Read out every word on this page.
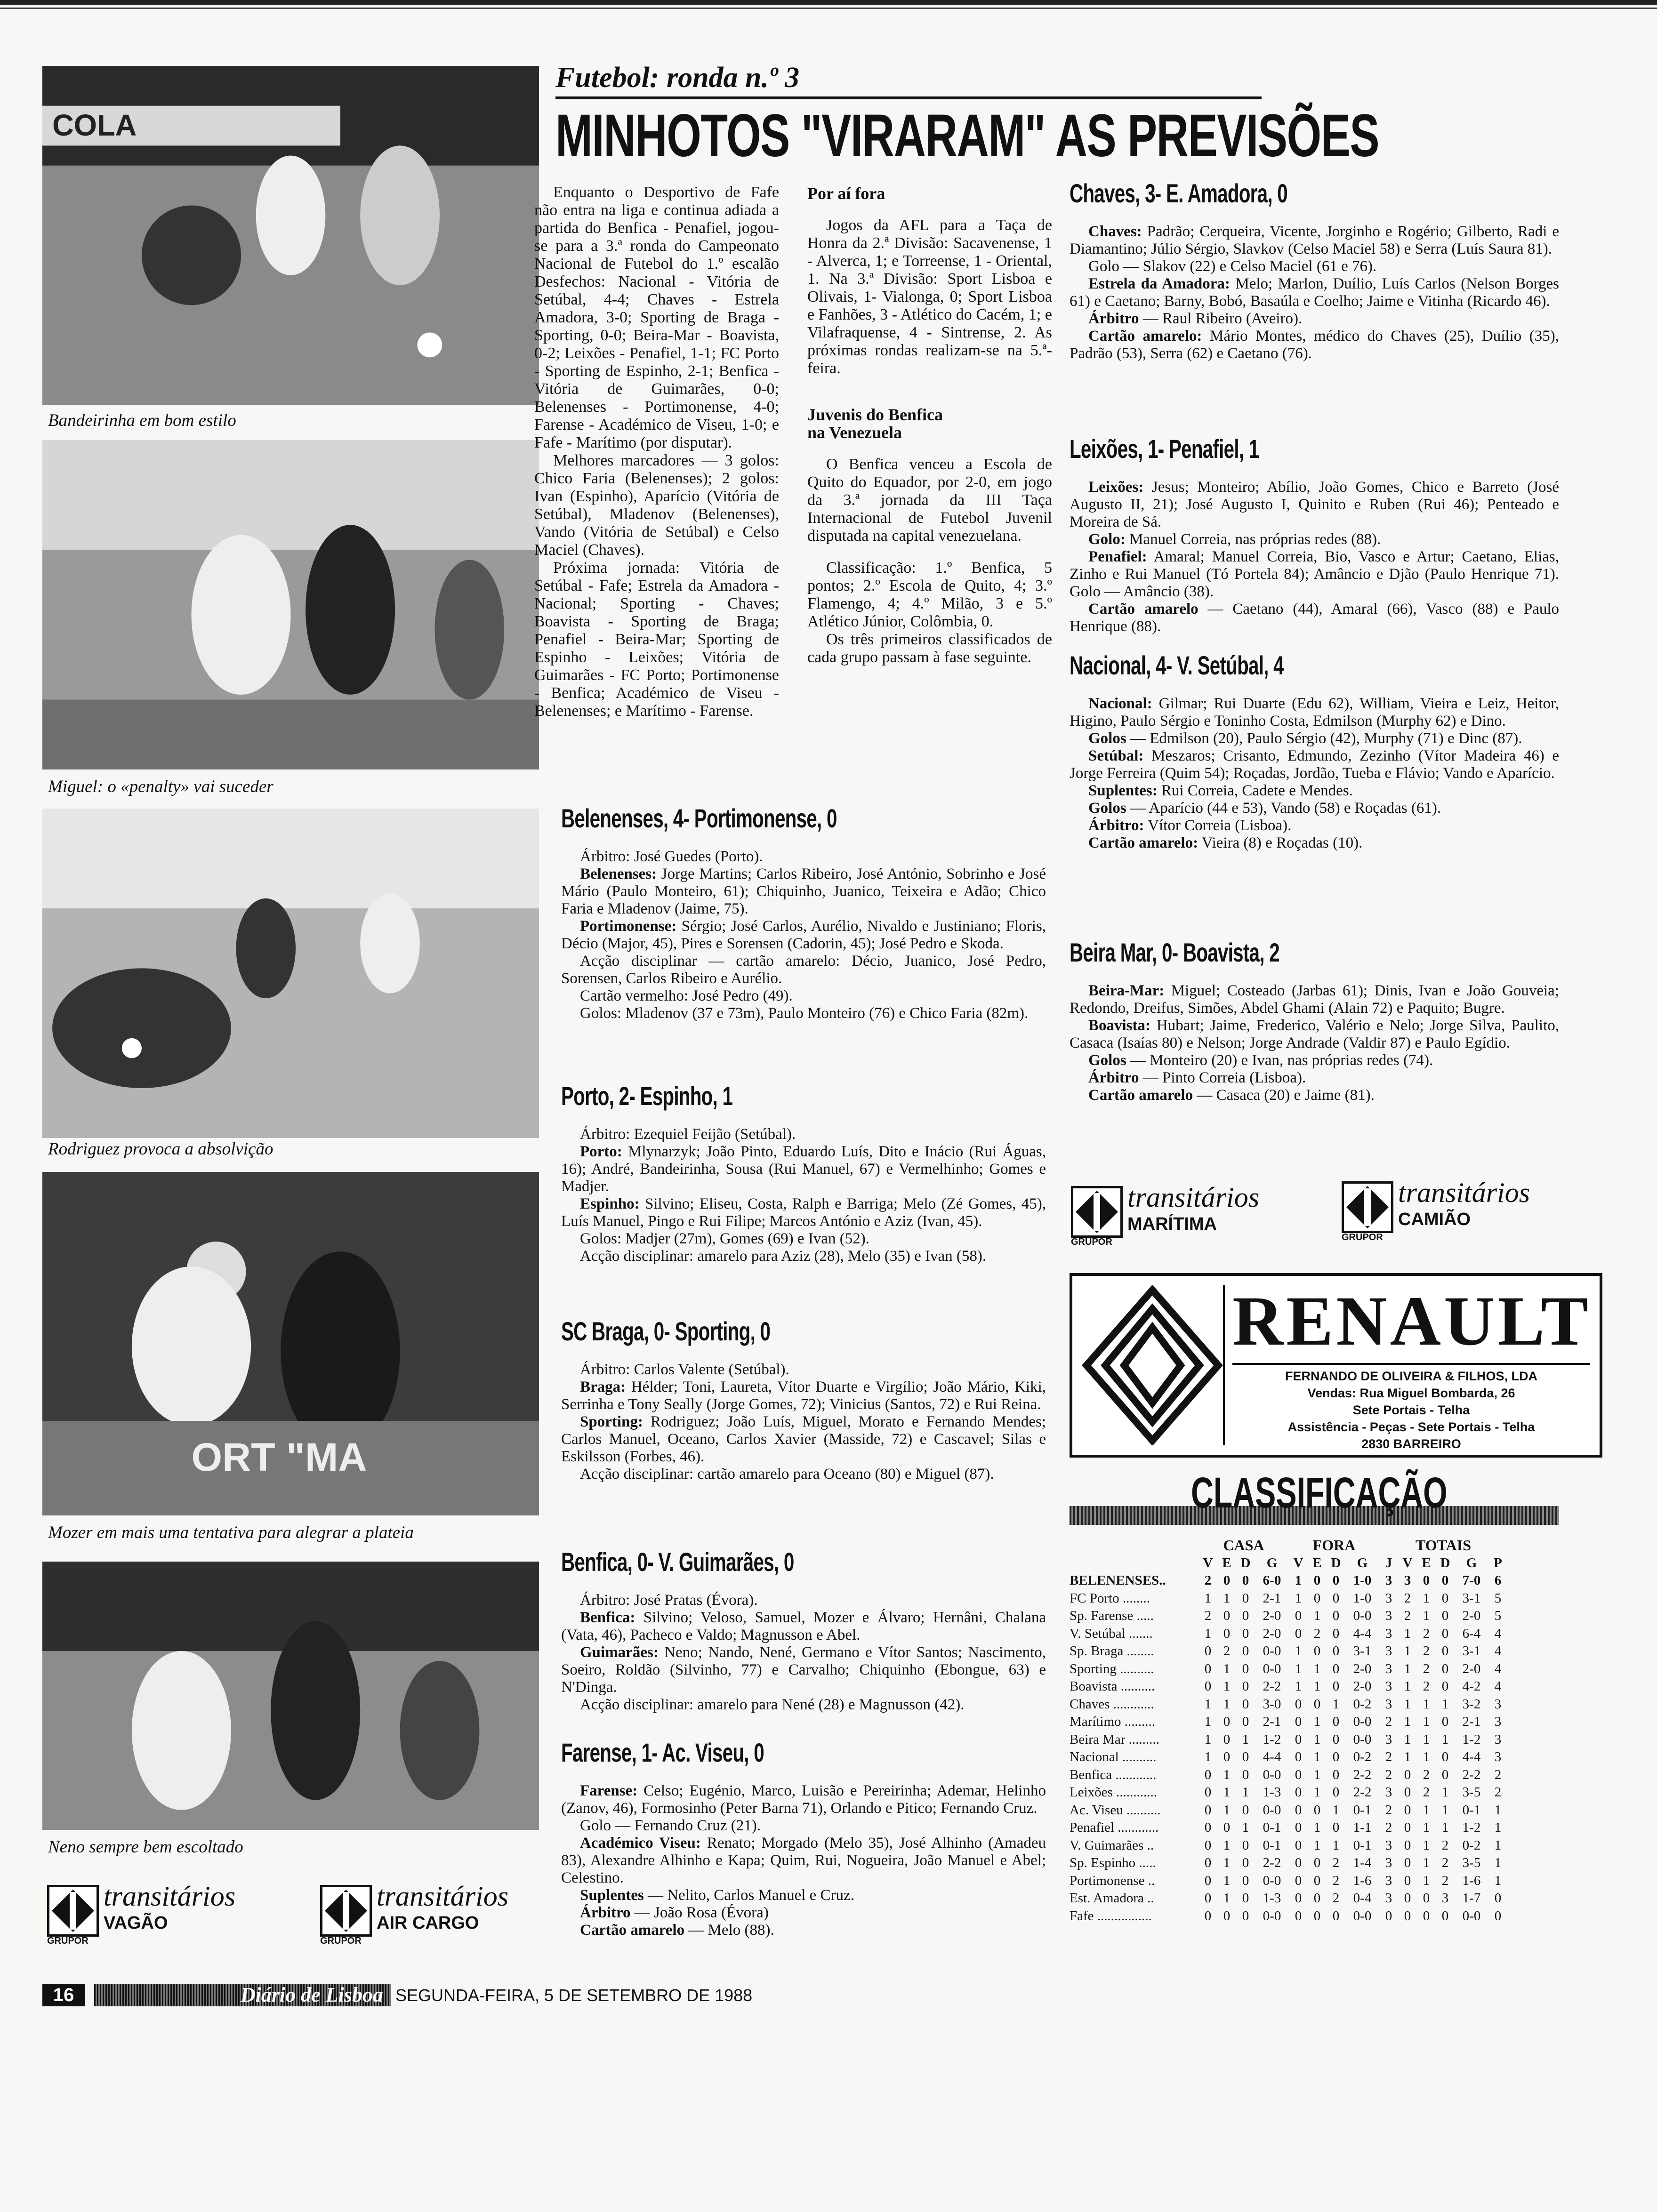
COLA
Bandeirinha em bom estilo
Miguel: o «penalty» vai suceder
Rodriguez provoca a absolvição
ORT "MA
Mozer em mais uma tentativa para alegrar a plateia
Neno sempre bem escoltado
transitários
VAGÃO
GRUPOR
transitários
AIR CARGO
GRUPOR
Futebol: ronda n.º 3
MINHOTOS "VIRARAM" AS PREVISÕES

Enquanto o Desportivo de Fafe não entra na liga e continua adiada a partida do Benfica - Penafiel, jogou-se para a 3.ª ronda do Campeonato Nacional de Futebol do 1.º escalão Desfechos: Nacional - Vitória de Setúbal, 4-4; Chaves - Estrela Amadora, 3-0; Sporting de Braga - Sporting, 0-0; Beira-Mar - Boavista, 0-2; Leixões - Penafiel, 1-1; FC Porto - Sporting de Espinho, 2-1; Benfica - Vitória de Guimarães, 0-0; Belenenses - Portimonense, 4-0; Farense - Académico de Viseu, 1-0; e Fafe - Marítimo (por disputar).

Melhores marcadores — 3 golos: Chico Faria (Belenenses); 2 golos: Ivan (Espinho), Aparício (Vitória de Setúbal), Mladenov (Belenenses), Vando (Vitória de Setúbal) e Celso Maciel (Chaves).

Próxima jornada: Vitória de Setúbal - Fafe; Estrela da Amadora - Nacional; Sporting - Chaves; Boavista - Sporting de Braga; Penafiel - Beira-Mar; Sporting de Espinho - Leixões; Vitória de Guimarães - FC Porto; Portimonense - Benfica; Académico de Viseu - Belenenses; e Marítimo - Farense.

Por aí fora

Jogos da AFL para a Taça de Honra da 2.ª Divisão: Sacavenense, 1 - Alverca, 1; e Torreense, 1 - Oriental, 1. Na 3.ª Divisão: Sport Lisboa e Olivais, 1- Vialonga, 0; Sport Lisboa e Fanhões, 3 - Atlético do Cacém, 1; e Vilafraquense, 4 - Sintrense, 2. As próximas rondas realizam-se na 5.ª-feira.

Juvenis do Benfica na Venezuela

O Benfica venceu a Escola de Quito do Equador, por 2-0, em jogo da 3.ª jornada da III Taça Internacional de Futebol Juvenil disputada na capital venezuelana.

Classificação: 1.º Benfica, 5 pontos; 2.º Escola de Quito, 4; 3.º Flamengo, 4; 4.º Milão, 3 e 5.º Atlético Júnior, Colômbia, 0.

Os três primeiros classificados de cada grupo passam à fase seguinte.

Belenenses, 4- Portimonense, 0

Árbitro: José Guedes (Porto).

Belenenses: Jorge Martins; Carlos Ribeiro, José António, Sobrinho e José Mário (Paulo Monteiro, 61); Chiquinho, Juanico, Teixeira e Adão; Chico Faria e Mladenov (Jaime, 75).

Portimonense: Sérgio; José Carlos, Aurélio, Nivaldo e Justiniano; Floris, Décio (Major, 45), Pires e Sorensen (Cadorin, 45); José Pedro e Skoda.

Acção disciplinar — cartão amarelo: Décio, Juanico, José Pedro, Sorensen, Carlos Ribeiro e Aurélio.

Cartão vermelho: José Pedro (49).

Golos: Mladenov (37 e 73m), Paulo Monteiro (76) e Chico Faria (82m).

Porto, 2- Espinho, 1

Árbitro: Ezequiel Feijão (Setúbal).

Porto: Mlynarzyk; João Pinto, Eduardo Luís, Dito e Inácio (Rui Águas, 16); André, Bandeirinha, Sousa (Rui Manuel, 67) e Vermelhinho; Gomes e Madjer.

Espinho: Silvino; Eliseu, Costa, Ralph e Barriga; Melo (Zé Gomes, 45), Luís Manuel, Pingo e Rui Filipe; Marcos António e Aziz (Ivan, 45).

Golos: Madjer (27m), Gomes (69) e Ivan (52).

Acção disciplinar: amarelo para Aziz (28), Melo (35) e Ivan (58).

SC Braga, 0- Sporting, 0

Árbitro: Carlos Valente (Setúbal).

Braga: Hélder; Toni, Laureta, Vítor Duarte e Virgílio; João Mário, Kiki, Serrinha e Tony Seally (Jorge Gomes, 72); Vinicius (Santos, 72) e Rui Reina.

Sporting: Rodriguez; João Luís, Miguel, Morato e Fernando Mendes; Carlos Manuel, Oceano, Carlos Xavier (Masside, 72) e Cascavel; Silas e Eskilsson (Forbes, 46).

Acção disciplinar: cartão amarelo para Oceano (80) e Miguel (87).

Benfica, 0- V. Guimarães, 0

Árbitro: José Pratas (Évora).

Benfica: Silvino; Veloso, Samuel, Mozer e Álvaro; Hernâni, Chalana (Vata, 46), Pacheco e Valdo; Magnusson e Abel.

Guimarães: Neno; Nando, Nené, Germano e Vítor Santos; Nascimento, Soeiro, Roldão (Silvinho, 77) e Carvalho; Chiquinho (Ebongue, 63) e N'Dinga.

Acção disciplinar: amarelo para Nené (28) e Magnusson (42).

Farense, 1- Ac. Viseu, 0

Farense: Celso; Eugénio, Marco, Luisão e Pereirinha; Ademar, Helinho (Zanov, 46), Formosinho (Peter Barna 71), Orlando e Pitico; Fernando Cruz.

Golo — Fernando Cruz (21).

Académico Viseu: Renato; Morgado (Melo 35), José Alhinho (Amadeu 83), Alexandre Alhinho e Kapa; Quim, Rui, Nogueira, João Manuel e Abel; Celestino.

Suplentes — Nelito, Carlos Manuel e Cruz.

Árbitro — João Rosa (Évora)

Cartão amarelo — Melo (88).

Chaves, 3- E. Amadora, 0

Chaves: Padrão; Cerqueira, Vicente, Jorginho e Rogério; Gilberto, Radi e Diamantino; Júlio Sérgio, Slavkov (Celso Maciel 58) e Serra (Luís Saura 81).

Golo — Slakov (22) e Celso Maciel (61 e 76).

Estrela da Amadora: Melo; Marlon, Duílio, Luís Carlos (Nelson Borges 61) e Caetano; Barny, Bobó, Basaúla e Coelho; Jaime e Vitinha (Ricardo 46).

Árbitro — Raul Ribeiro (Aveiro).

Cartão amarelo: Mário Montes, médico do Chaves (25), Duílio (35), Padrão (53), Serra (62) e Caetano (76).

Leixões, 1- Penafiel, 1

Leixões: Jesus; Monteiro; Abílio, João Gomes, Chico e Barreto (José Augusto II, 21); José Augusto I, Quinito e Ruben (Rui 46); Penteado e Moreira de Sá.

Golo: Manuel Correia, nas próprias redes (88).

Penafiel: Amaral; Manuel Correia, Bio, Vasco e Artur; Caetano, Elias, Zinho e Rui Manuel (Tó Portela 84); Amâncio e Djão (Paulo Henrique 71). Golo — Amâncio (38).

Cartão amarelo — Caetano (44), Amaral (66), Vasco (88) e Paulo Henrique (88).

Nacional, 4- V. Setúbal, 4

Nacional: Gilmar; Rui Duarte (Edu 62), William, Vieira e Leiz, Heitor, Higino, Paulo Sérgio e Toninho Costa, Edmilson (Murphy 62) e Dino.

Golos — Edmilson (20), Paulo Sérgio (42), Murphy (71) e Dinc (87).

Setúbal: Meszaros; Crisanto, Edmundo, Zezinho (Vítor Madeira 46) e Jorge Ferreira (Quim 54); Roçadas, Jordão, Tueba e Flávio; Vando e Aparício.

Suplentes: Rui Correia, Cadete e Mendes.

Golos — Aparício (44 e 53), Vando (58) e Roçadas (61).

Árbitro: Vítor Correia (Lisboa).

Cartão amarelo: Vieira (8) e Roçadas (10).

Beira Mar, 0- Boavista, 2

Beira-Mar: Miguel; Costeado (Jarbas 61); Dinis, Ivan e João Gouveia; Redondo, Dreifus, Simões, Abdel Ghami (Alain 72) e Paquito; Bugre.

Boavista: Hubart; Jaime, Frederico, Valério e Nelo; Jorge Silva, Paulito, Casaca (Isaías 80) e Nelson; Jorge Andrade (Valdir 87) e Paulo Egídio.

Golos — Monteiro (20) e Ivan, nas próprias redes (74).

Árbitro — Pinto Correia (Lisboa).

Cartão amarelo — Casaca (20) e Jaime (81).

transitários
MARÍTIMA
GRUPOR
transitários
CAMIÃO
GRUPOR
RENAULT
FERNANDO DE OLIVEIRA & FILHOS, LDA
Vendas: Rua Miguel Bombarda, 26
Sete Portais - Telha
Assistência - Peças - Sete Portais - Telha
2830 BARREIRO
CLASSIFICAÇÃO
	CASA				FORA				TOTAIS					
	V	E	D	G	V	E	D	G	J	V	E	D	G	P
BELENENSES..	2	0	0	6-0	1	0	0	1-0	3	3	0	0	7-0	6
FC Porto ........	1	1	0	2-1	1	0	0	1-0	3	2	1	0	3-1	5
Sp. Farense .....	2	0	0	2-0	0	1	0	0-0	3	2	1	0	2-0	5
V. Setúbal .......	1	0	0	2-0	0	2	0	4-4	3	1	2	0	6-4	4
Sp. Braga ........	0	2	0	0-0	1	0	0	3-1	3	1	2	0	3-1	4
Sporting ..........	0	1	0	0-0	1	1	0	2-0	3	1	2	0	2-0	4
Boavista ..........	0	1	0	2-2	1	1	0	2-0	3	1	2	0	4-2	4
Chaves ............	1	1	0	3-0	0	0	1	0-2	3	1	1	1	3-2	3
Marítimo .........	1	0	0	2-1	0	1	0	0-0	2	1	1	0	2-1	3
Beira Mar .........	1	0	1	1-2	0	1	0	0-0	3	1	1	1	1-2	3
Nacional ..........	1	0	0	4-4	0	1	0	0-2	2	1	1	0	4-4	3
Benfica ............	0	1	0	0-0	0	1	0	2-2	2	0	2	0	2-2	2
Leixões ............	0	1	1	1-3	0	1	0	2-2	3	0	2	1	3-5	2
Ac. Viseu ..........	0	1	0	0-0	0	0	1	0-1	2	0	1	1	0-1	1
Penafiel ............	0	0	1	0-1	0	1	0	1-1	2	0	1	1	1-2	1
V. Guimarães ..	0	1	0	0-1	0	1	1	0-1	3	0	1	2	0-2	1
Sp. Espinho .....	0	1	0	2-2	0	0	2	1-4	3	0	1	2	3-5	1
Portimonense ..	0	1	0	0-0	0	0	2	1-6	3	0	1	2	1-6	1
Est. Amadora ..	0	1	0	1-3	0	0	2	0-4	3	0	0	3	1-7	0
Fafe ................	0	0	0	0-0	0	0	0	0-0	0	0	0	0	0-0	0
16	Diário de Lisboa SEGUNDA-FEIRA, 5 DE SETEMBRO DE 1988
